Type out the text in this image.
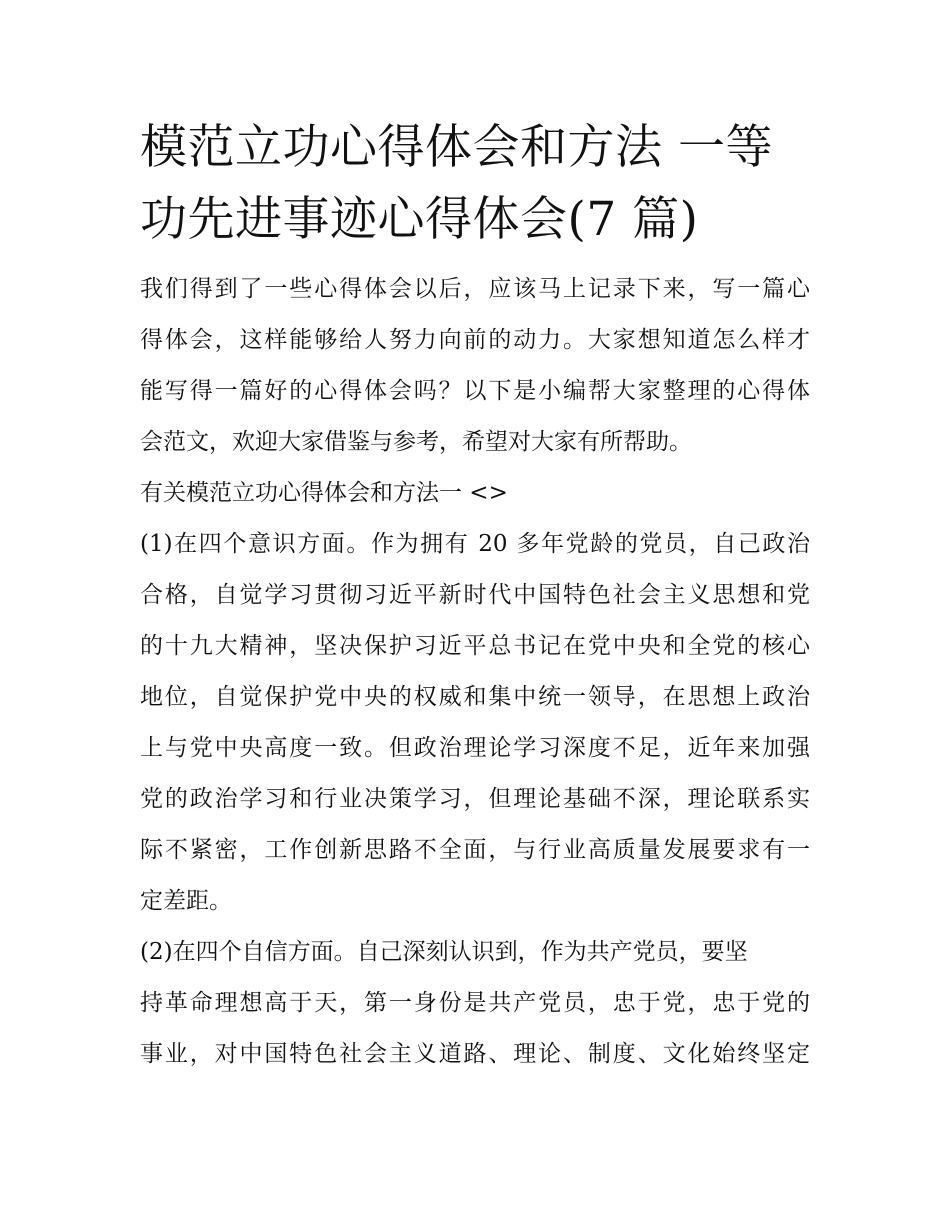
模范立功心得体会和方法 一等
功先进事迹心得体会(7 篇)
我们得到了一些心得体会以后，应该马上记录下来，写一篇心
得体会，这样能够给人努力向前的动力。大家想知道怎么样才
能写得一篇好的心得体会吗？以下是小编帮大家整理的心得体
会范文，欢迎大家借鉴与参考，希望对大家有所帮助。
有关模范立功心得体会和方法一 <>
(1)在四个意识方面。作为拥有 20 多年党龄的党员，自己政治
合格，自觉学习贯彻习近平新时代中国特色社会主义思想和党
的十九大精神，坚决保护习近平总书记在党中央和全党的核心
地位，自觉保护党中央的权威和集中统一领导，在思想上政治
上与党中央高度一致。但政治理论学习深度不足，近年来加强
党的政治学习和行业决策学习，但理论基础不深，理论联系实
际不紧密，工作创新思路不全面，与行业高质量发展要求有一
定差距。
(2)在四个自信方面。自己深刻认识到，作为共产党员，要坚
持革命理想高于天，第一身份是共产党员，忠于党，忠于党的
事业，对中国特色社会主义道路、理论、制度、文化始终坚定
